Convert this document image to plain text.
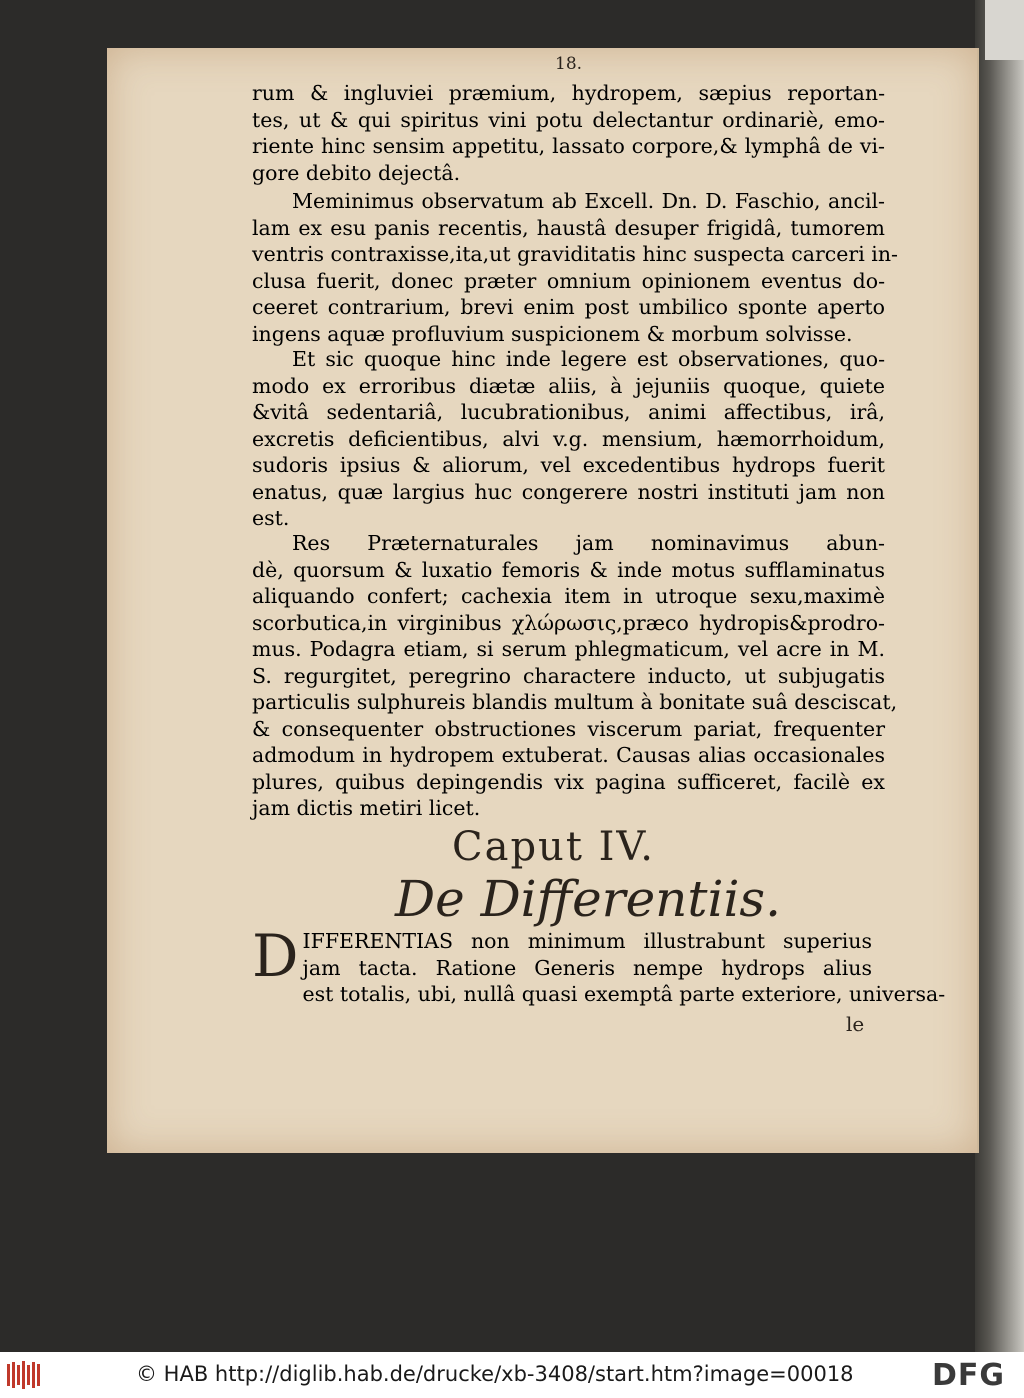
18.
rum & ingluviei præmium, hydropem, sæpius reportan-
tes, ut & qui spiritus vini potu delectantur ordinariè, emo-
riente hinc sensim appetitu, lassato corpore,& lymphâ de vi-
gore debito dejectâ.
Meminimus observatum ab Excell. Dn. D. Faschio, ancil-
lam ex esu panis recentis, haustâ desuper frigidâ, tumorem
ventris contraxisse,ita,ut graviditatis hinc suspecta carceri in-
clusa fuerit, donec præter omnium opinionem eventus do-
ceeret contrarium, brevi enim post umbilico sponte aperto
ingens aquæ profluvium suspicionem & morbum solvisse.
Et sic quoque hinc inde legere est observationes, quo-
modo ex erroribus diætæ aliis, à jejuniis quoque, quiete
&vitâ sedentariâ, lucubrationibus, animi affectibus, irâ,
excretis deficientibus, alvi v.g. mensium, hæmorrhoidum,
sudoris ipsius & aliorum, vel excedentibus hydrops fuerit
enatus, quæ largius huc congerere nostri instituti jam non
est.
Res Præternaturales jam nominavimus abun-
dè, quorsum & luxatio femoris & inde motus sufflaminatus
aliquando confert; cachexia item in utroque sexu,maximè
scorbutica,in virginibus χλώρωσις,præco hydropis&prodro-
mus. Podagra etiam, si serum phlegmaticum, vel acre in M.
S. regurgitet, peregrino charactere inducto, ut subjugatis
particulis sulphureis blandis multum à bonitate suâ desciscat,
& consequenter obstructiones viscerum pariat, frequenter
admodum in hydropem extuberat. Causas alias occasionales
plures, quibus depingendis vix pagina sufficeret, facilè ex
jam dictis metiri licet.
Caput IV.
De Differentiis.
D IFFERENTIAS non minimum illustrabunt superius
jam tacta. Ratione Generis nempe hydrops alius
est totalis, ubi, nullâ quasi exemptâ parte exteriore, universa-
le
© HAB http://diglib.hab.de/drucke/xb-3408/start.htm?image=00018	DFG
